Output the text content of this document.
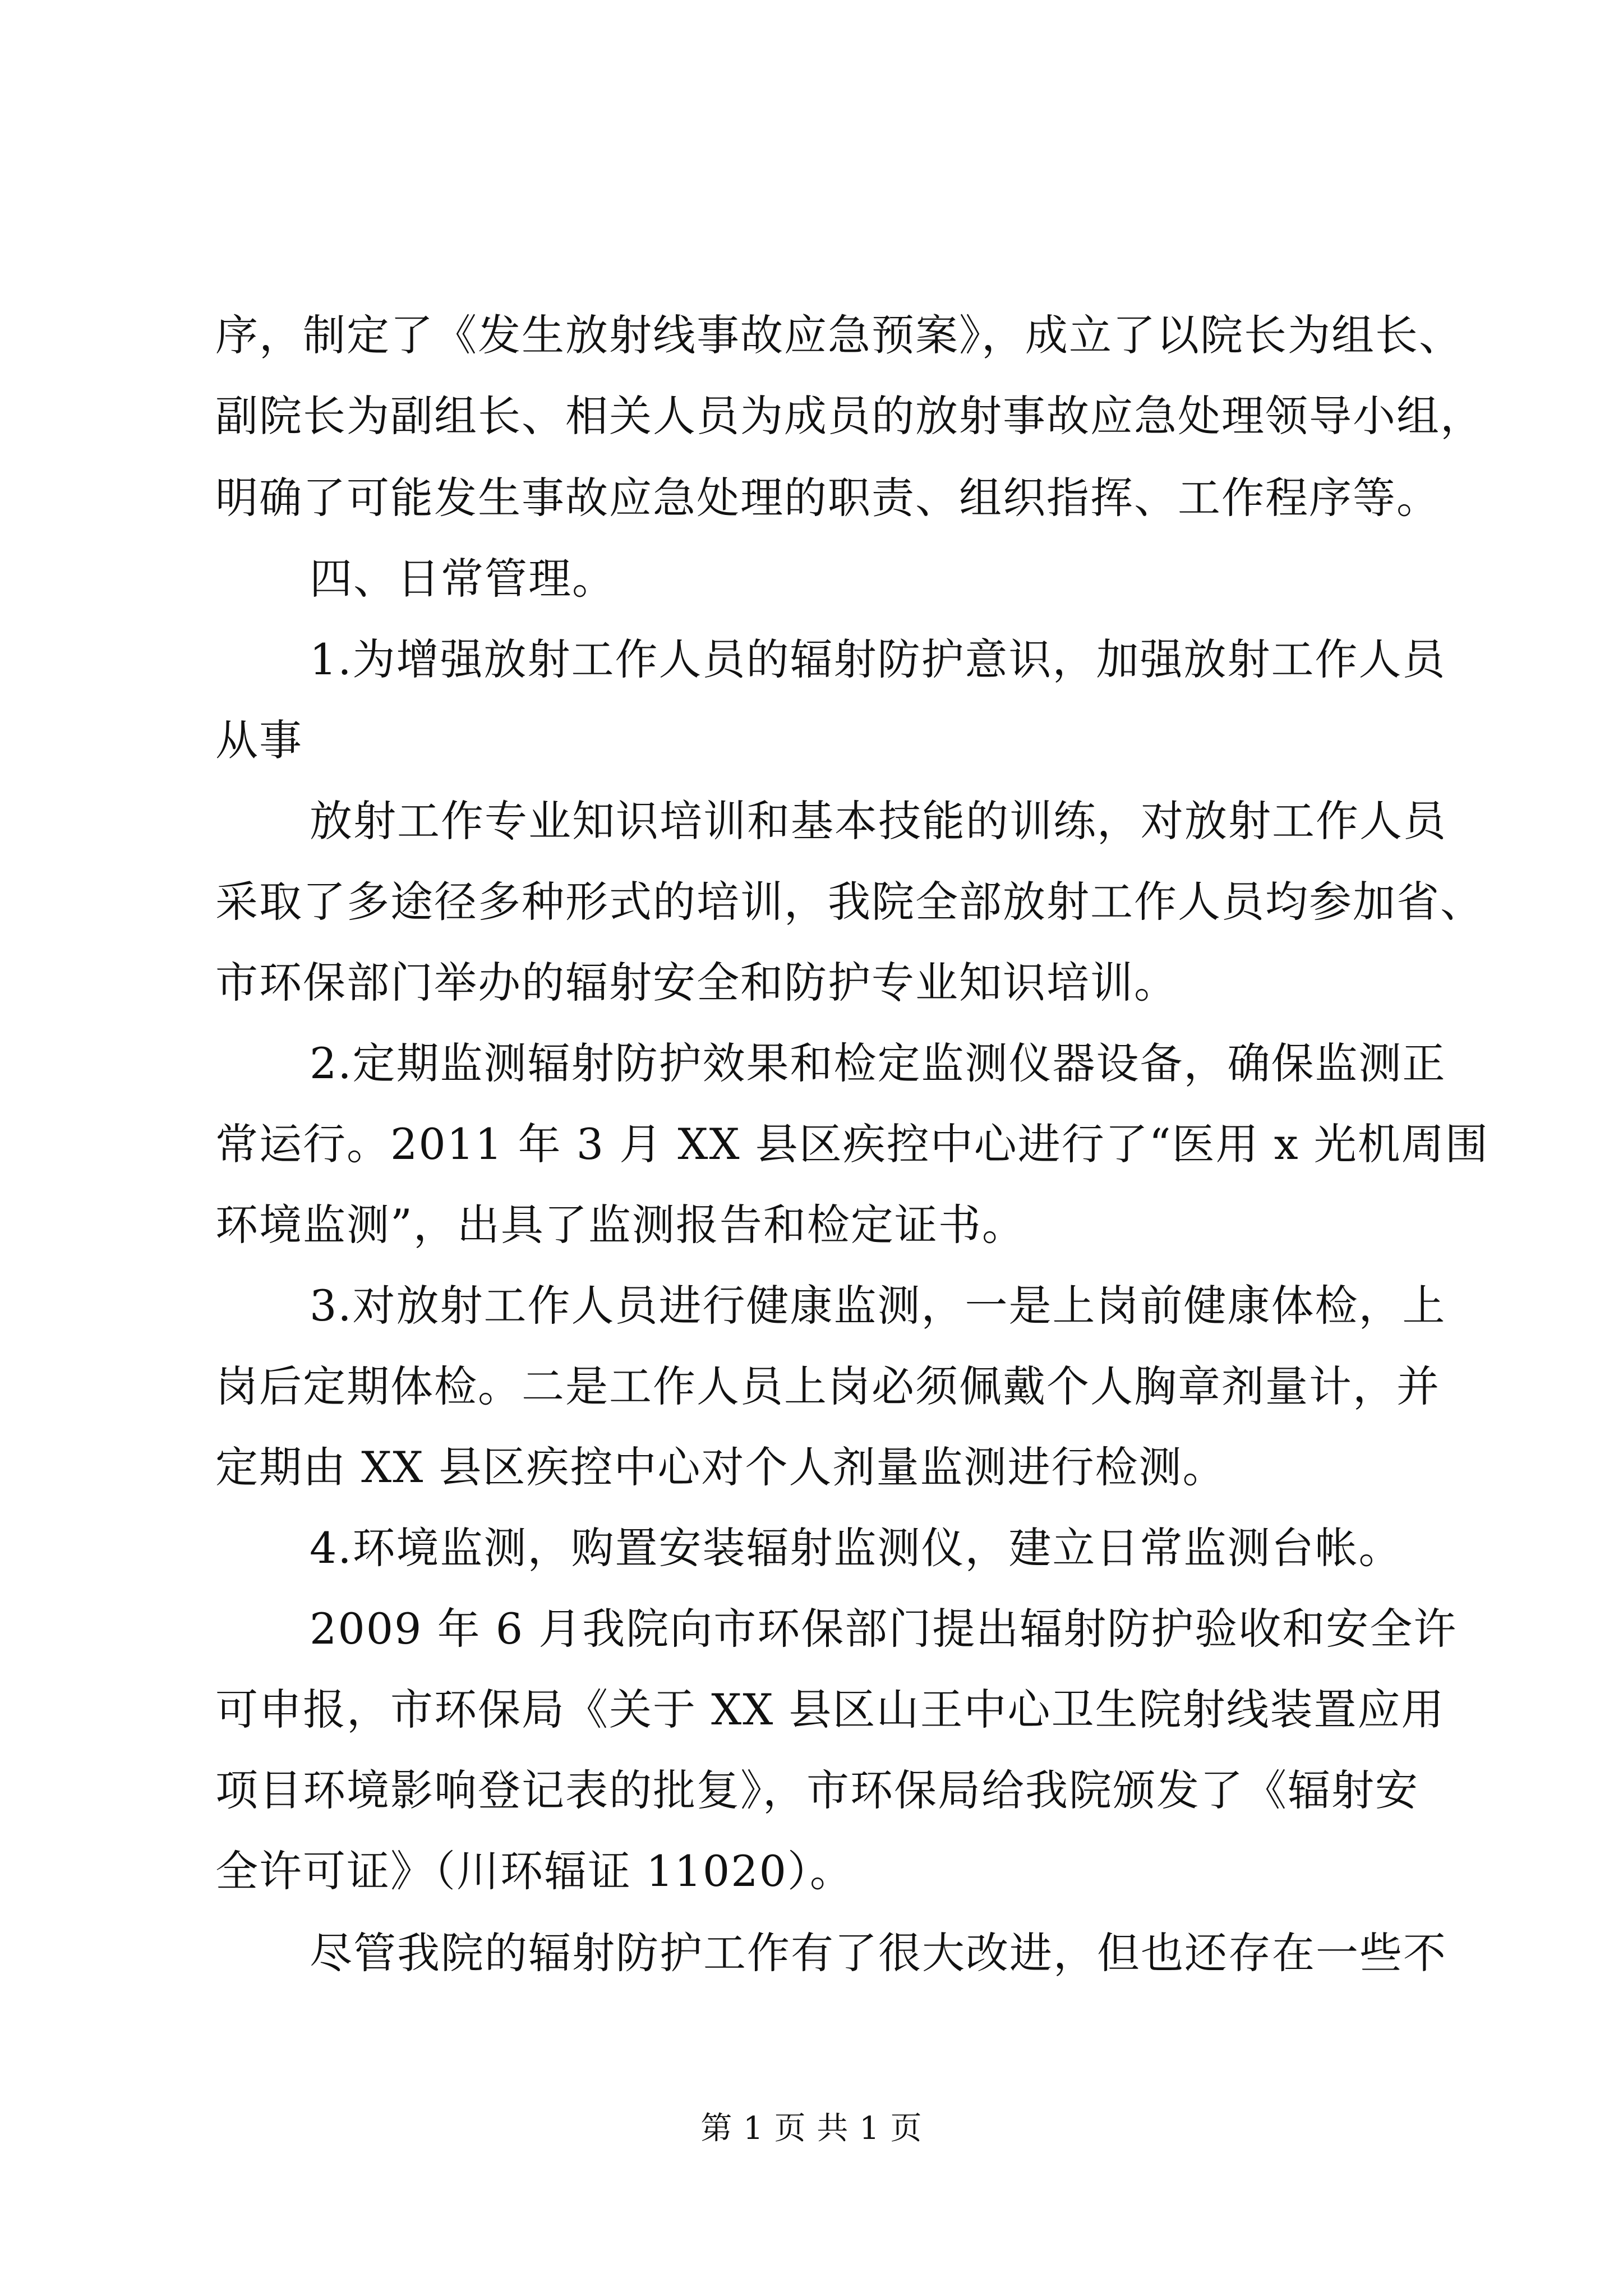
序，制定了《发生放射线事故应急预案》，成立了以院长为组长、
副院长为副组长、相关人员为成员的放射事故应急处理领导小组，
明确了可能发生事故应急处理的职责、组织指挥、工作程序等。
四、日常管理。
1.为增强放射工作人员的辐射防护意识，加强放射工作人员
从事
放射工作专业知识培训和基本技能的训练，对放射工作人员
采取了多途径多种形式的培训，我院全部放射工作人员均参加省、
市环保部门举办的辐射安全和防护专业知识培训。
2.定期监测辐射防护效果和检定监测仪器设备，确保监测正
常运行。2011 年 3 月 XX 县区疾控中心进行了“医用 x 光机周围
环境监测”，出具了监测报告和检定证书。
3.对放射工作人员进行健康监测，一是上岗前健康体检，上
岗后定期体检。二是工作人员上岗必须佩戴个人胸章剂量计，并
定期由 XX 县区疾控中心对个人剂量监测进行检测。
4.环境监测，购置安装辐射监测仪，建立日常监测台帐。
2009 年 6 月我院向市环保部门提出辐射防护验收和安全许
可申报，市环保局《关于 XX 县区山王中心卫生院射线装置应用
项目环境影响登记表的批复》，市环保局给我院颁发了《辐射安
全许可证》（川环辐证 11020）。
尽管我院的辐射防护工作有了很大改进，但也还存在一些不
第 1 页 共 1 页
